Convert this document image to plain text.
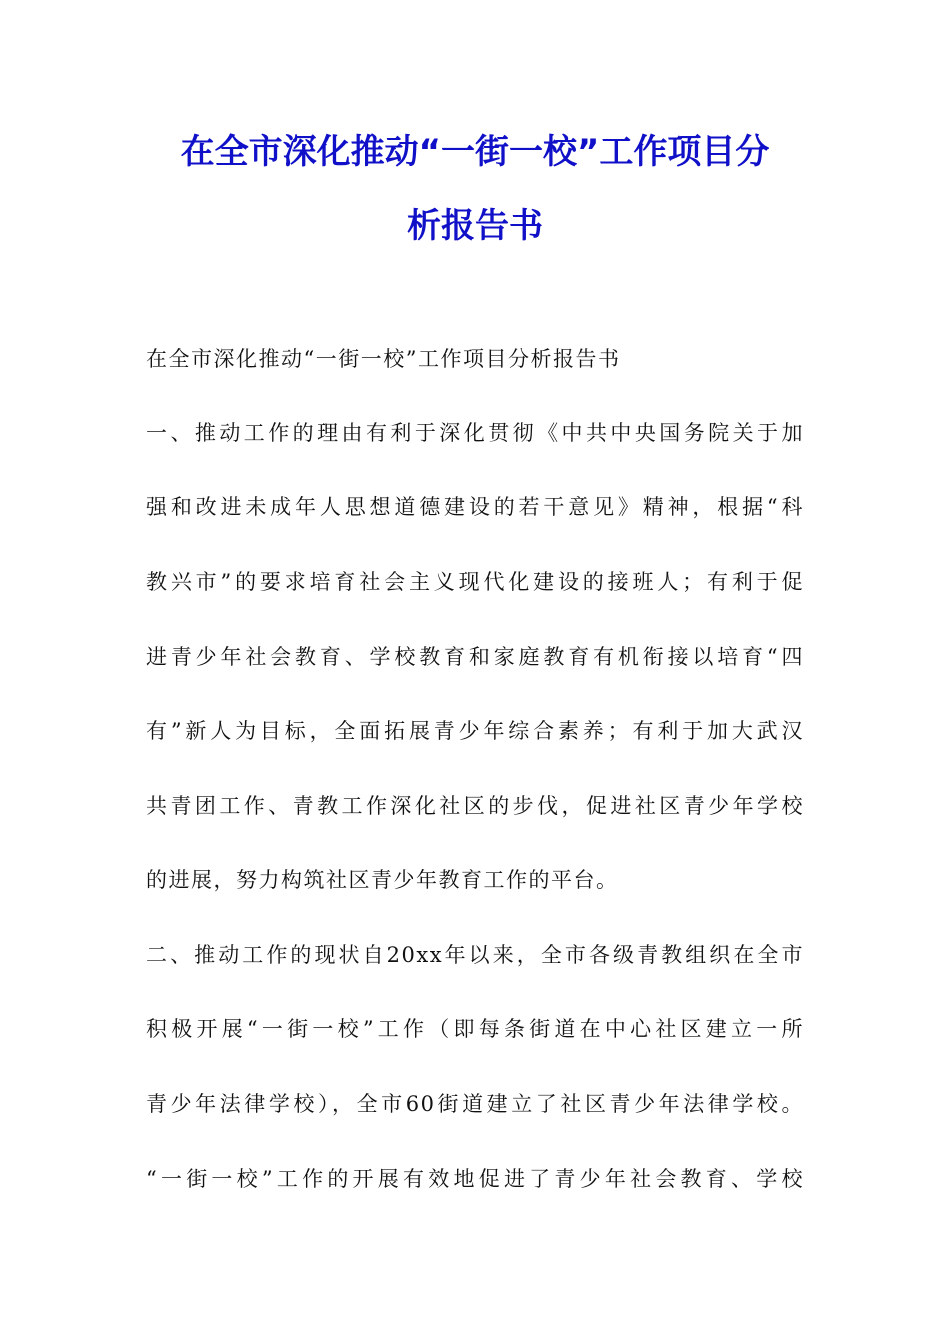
在全市深化推动“一街一校”工作项目分
析报告书
在全市深化推动“一街一校”工作项目分析报告书
一、推动工作的理由有利于深化贯彻《中共中央国务院关于加
强和改进未成年人思想道德建设的若干意见》精神，根据“科
教兴市”的要求培育社会主义现代化建设的接班人；有利于促
进青少年社会教育、学校教育和家庭教育有机衔接以培育“四
有”新人为目标，全面拓展青少年综合素养；有利于加大武汉
共青团工作、青教工作深化社区的步伐，促进社区青少年学校
的进展，努力构筑社区青少年教育工作的平台。
二、推动工作的现状自20xx年以来，全市各级青教组织在全市
积极开展“一街一校”工作（即每条街道在中心社区建立一所
青少年法律学校），全市60街道建立了社区青少年法律学校。
“一街一校”工作的开展有效地促进了青少年社会教育、学校
